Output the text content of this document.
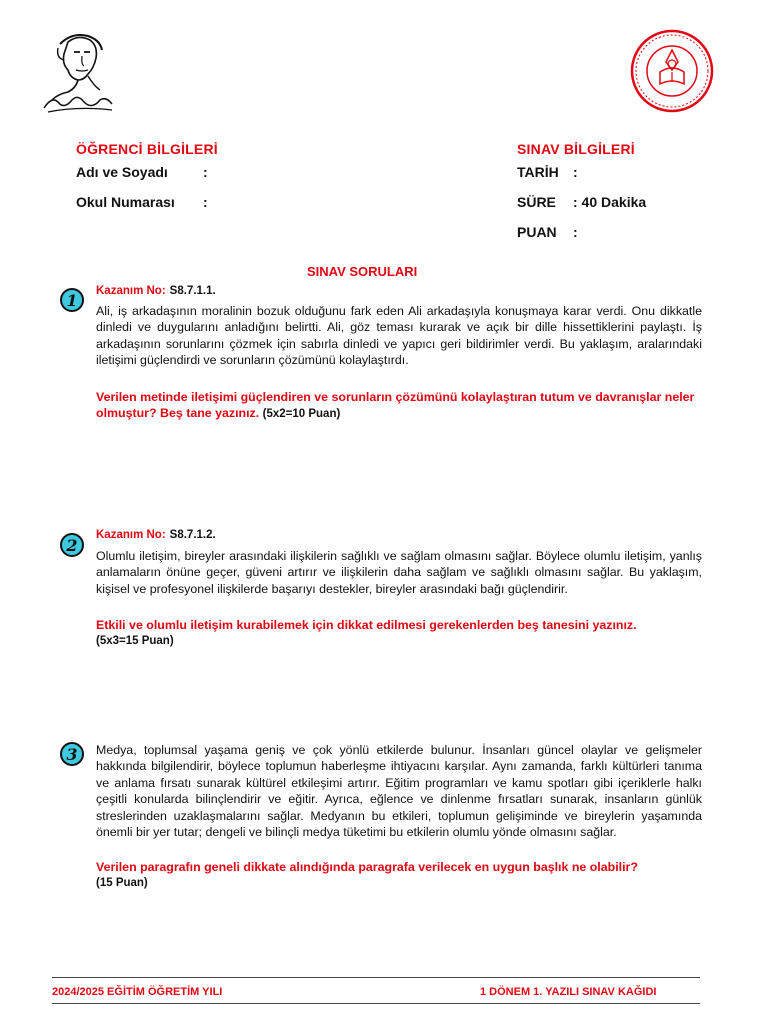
ÖĞRENCİ BİLGİLERİ
Adı ve Soyadı	:
Okul Numarası :
SINAV BİLGİLERİ
TARİH :
SÜRE : 40 Dakika
PUAN :
SINAV SORULARI
1 Kazanım No: S8.7.1.1.
Ali, iş arkadaşının moralinin bozuk olduğunu fark eden Ali arkadaşıyla konuşmaya karar verdi. Onu dikkatle dinledi ve duygularını anladığını belirtti. Ali, göz teması kurarak ve açık bir dille hissettiklerini paylaştı. İş arkadaşının sorunlarını çözmek için sabırla dinledi ve yapıcı geri bildirimler verdi. Bu yaklaşım, aralarındaki iletişimi güçlendirdi ve sorunların çözümünü kolaylaştırdı.
Verilen metinde iletişimi güçlendiren ve sorunların çözümünü kolaylaştıran tutum ve davranışlar neler olmuştur? Beş tane yazınız. (5x2=10 Puan)
2
Kazanım No: S8.7.1.2.
Olumlu iletişim, bireyler arasındaki ilişkilerin sağlıklı ve sağlam olmasını sağlar. Böylece olumlu iletişim, yanlış anlamaların önüne geçer, güveni artırır ve ilişkilerin daha sağlam ve sağlıklı olmasını sağlar. Bu yaklaşım, kişisel ve profesyonel ilişkilerde başarıyı destekler, bireyler arasındaki bağı güçlendirir.
Etkili ve olumlu iletişim kurabilemek için dikkat edilmesi gerekenlerden beş tanesini yazınız.
(5x3=15 Puan)
3 Medya, toplumsal yaşama geniş ve çok yönlü etkilerde bulunur. İnsanları güncel olaylar ve gelişmeler hakkında bilgilendirir, böylece toplumun haberleşme ihtiyacını karşılar. Aynı zamanda, farklı kültürleri tanıma ve anlama fırsatı sunarak kültürel etkileşimi artırır. Eğitim programları ve kamu spotları gibi içeriklerle halkı çeşitli konularda bilinçlendirir ve eğitir. Ayrıca, eğlence ve dinlenme fırsatları sunarak, insanların günlük streslerinden uzaklaşmalarını sağlar. Medyanın bu etkileri, toplumun gelişiminde ve bireylerin yaşamında önemli bir yer tutar; dengeli ve bilinçli medya tüketimi bu etkilerin olumlu yönde olmasını sağlar.
Verilen paragrafın geneli dikkate alındığında paragrafa verilecek en uygun başlık ne olabilir?
(15 Puan)
2024/2025 EĞİTİM ÖĞRETİM YILI	1 DÖNEM 1. YAZILI SINAV KAĞIDI
